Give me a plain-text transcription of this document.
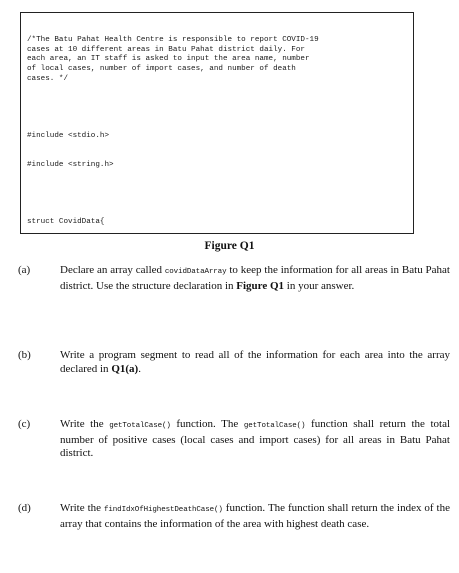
/*The Batu Pahat Health Centre is responsible to report COVID-19
cases at 10 different areas in Batu Pahat district daily. For
each area, an IT staff is asked to input the area name, number
of local cases, number of import cases, and number of death
cases. */

#include <stdio.h>

#include <string.h>

struct CovidData{

Figure Q1
(a)	Declare an array called covidDataArray to keep the information for all areas in Batu Pahat district. Use the structure declaration in Figure Q1 in your answer.
(b)	Write a program segment to read all of the information for each area into the array declared in Q1(a).
(c)	Write the getTotalCase() function. The getTotalCase() function shall return the total number of positive cases (local cases and import cases) for all areas in Batu Pahat district.
(d)	Write the findIdxOfHighestDeathCase() function. The function shall return the index of the array that contains the information of the area with highest death case.
